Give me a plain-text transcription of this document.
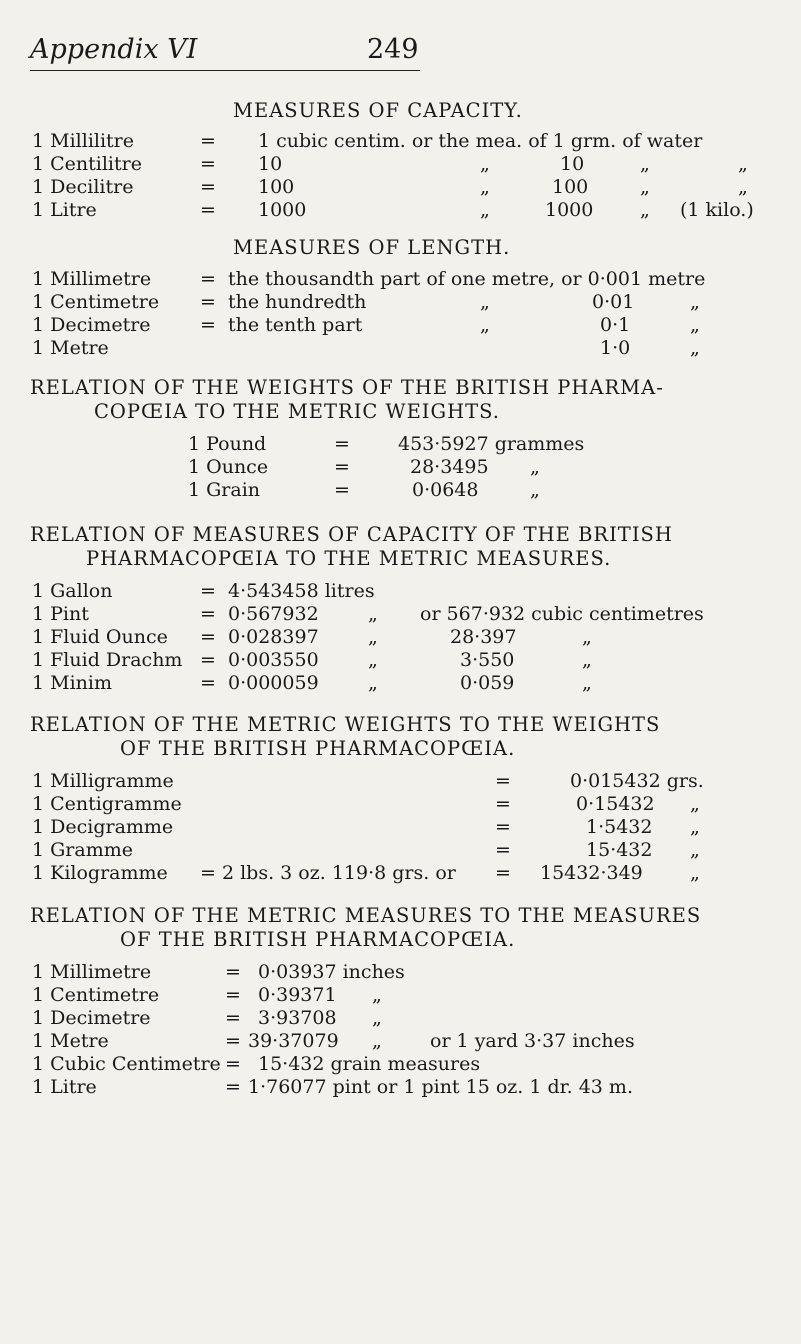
Appendix VI	249
MEASURES OF CAPACITY.
1 Millilitre	= 1 cubic centim. or the mea. of 1 grm. of water
1 Centilitre	= 10	„	10	„	„
1 Decilitre	= 100	„	100	„	„
1 Litre	= 1000	„	1000 „ (1 kilo.)
MEASURES OF LENGTH.
1 Millimetre	= the thousandth part of one metre, or 0·001 metre
1 Centimetre = the hundredth	„	0·01	„
1 Decimetre	= the tenth part	„	0·1	„
1 Metre	1·0	„
RELATION OF THE WEIGHTS OF THE BRITISH PHARMA-
COPŒIA TO THE METRIC WEIGHTS.
1 Pound	=	453·5927 grammes
1 Ounce	=	28·3495 „
1 Grain	=	0·0648	„
RELATION OF MEASURES OF CAPACITY OF THE BRITISH
PHARMACOPŒIA TO THE METRIC MEASURES.
1 Gallon	= 4·543458 litres
1 Pint	= 0·567932	„ or 567·932 cubic centimetres
1 Fluid Ounce = 0·028397	„	28·397	„
1 Fluid Drachm = 0·003550	„	3·550	„
1 Minim	= 0·000059	„	0·059	„
RELATION OF THE METRIC WEIGHTS TO THE WEIGHTS
OF THE BRITISH PHARMACOPŒIA.
1 Milligramme	=	0·015432 grs.
1 Centigramme	=	0·15432 „
1 Decigramme	=	1·5432 „
1 Gramme	=	15·432 „
1 Kilogramme = 2 lbs. 3 oz. 119·8 grs. or = 15432·349 „
RELATION OF THE METRIC MEASURES TO THE MEASURES
OF THE BRITISH PHARMACOPŒIA.
1 Millimetre	= 0·03937 inches
1 Centimetre	= 0·39371 „
1 Decimetre	= 3·93708 „
1 Metre	= 39·37079 „	or 1 yard 3·37 inches
1 Cubic Centimetre = 15·432 grain measures
1 Litre	= 1·76077 pint or 1 pint 15 oz. 1 dr. 43 m.
